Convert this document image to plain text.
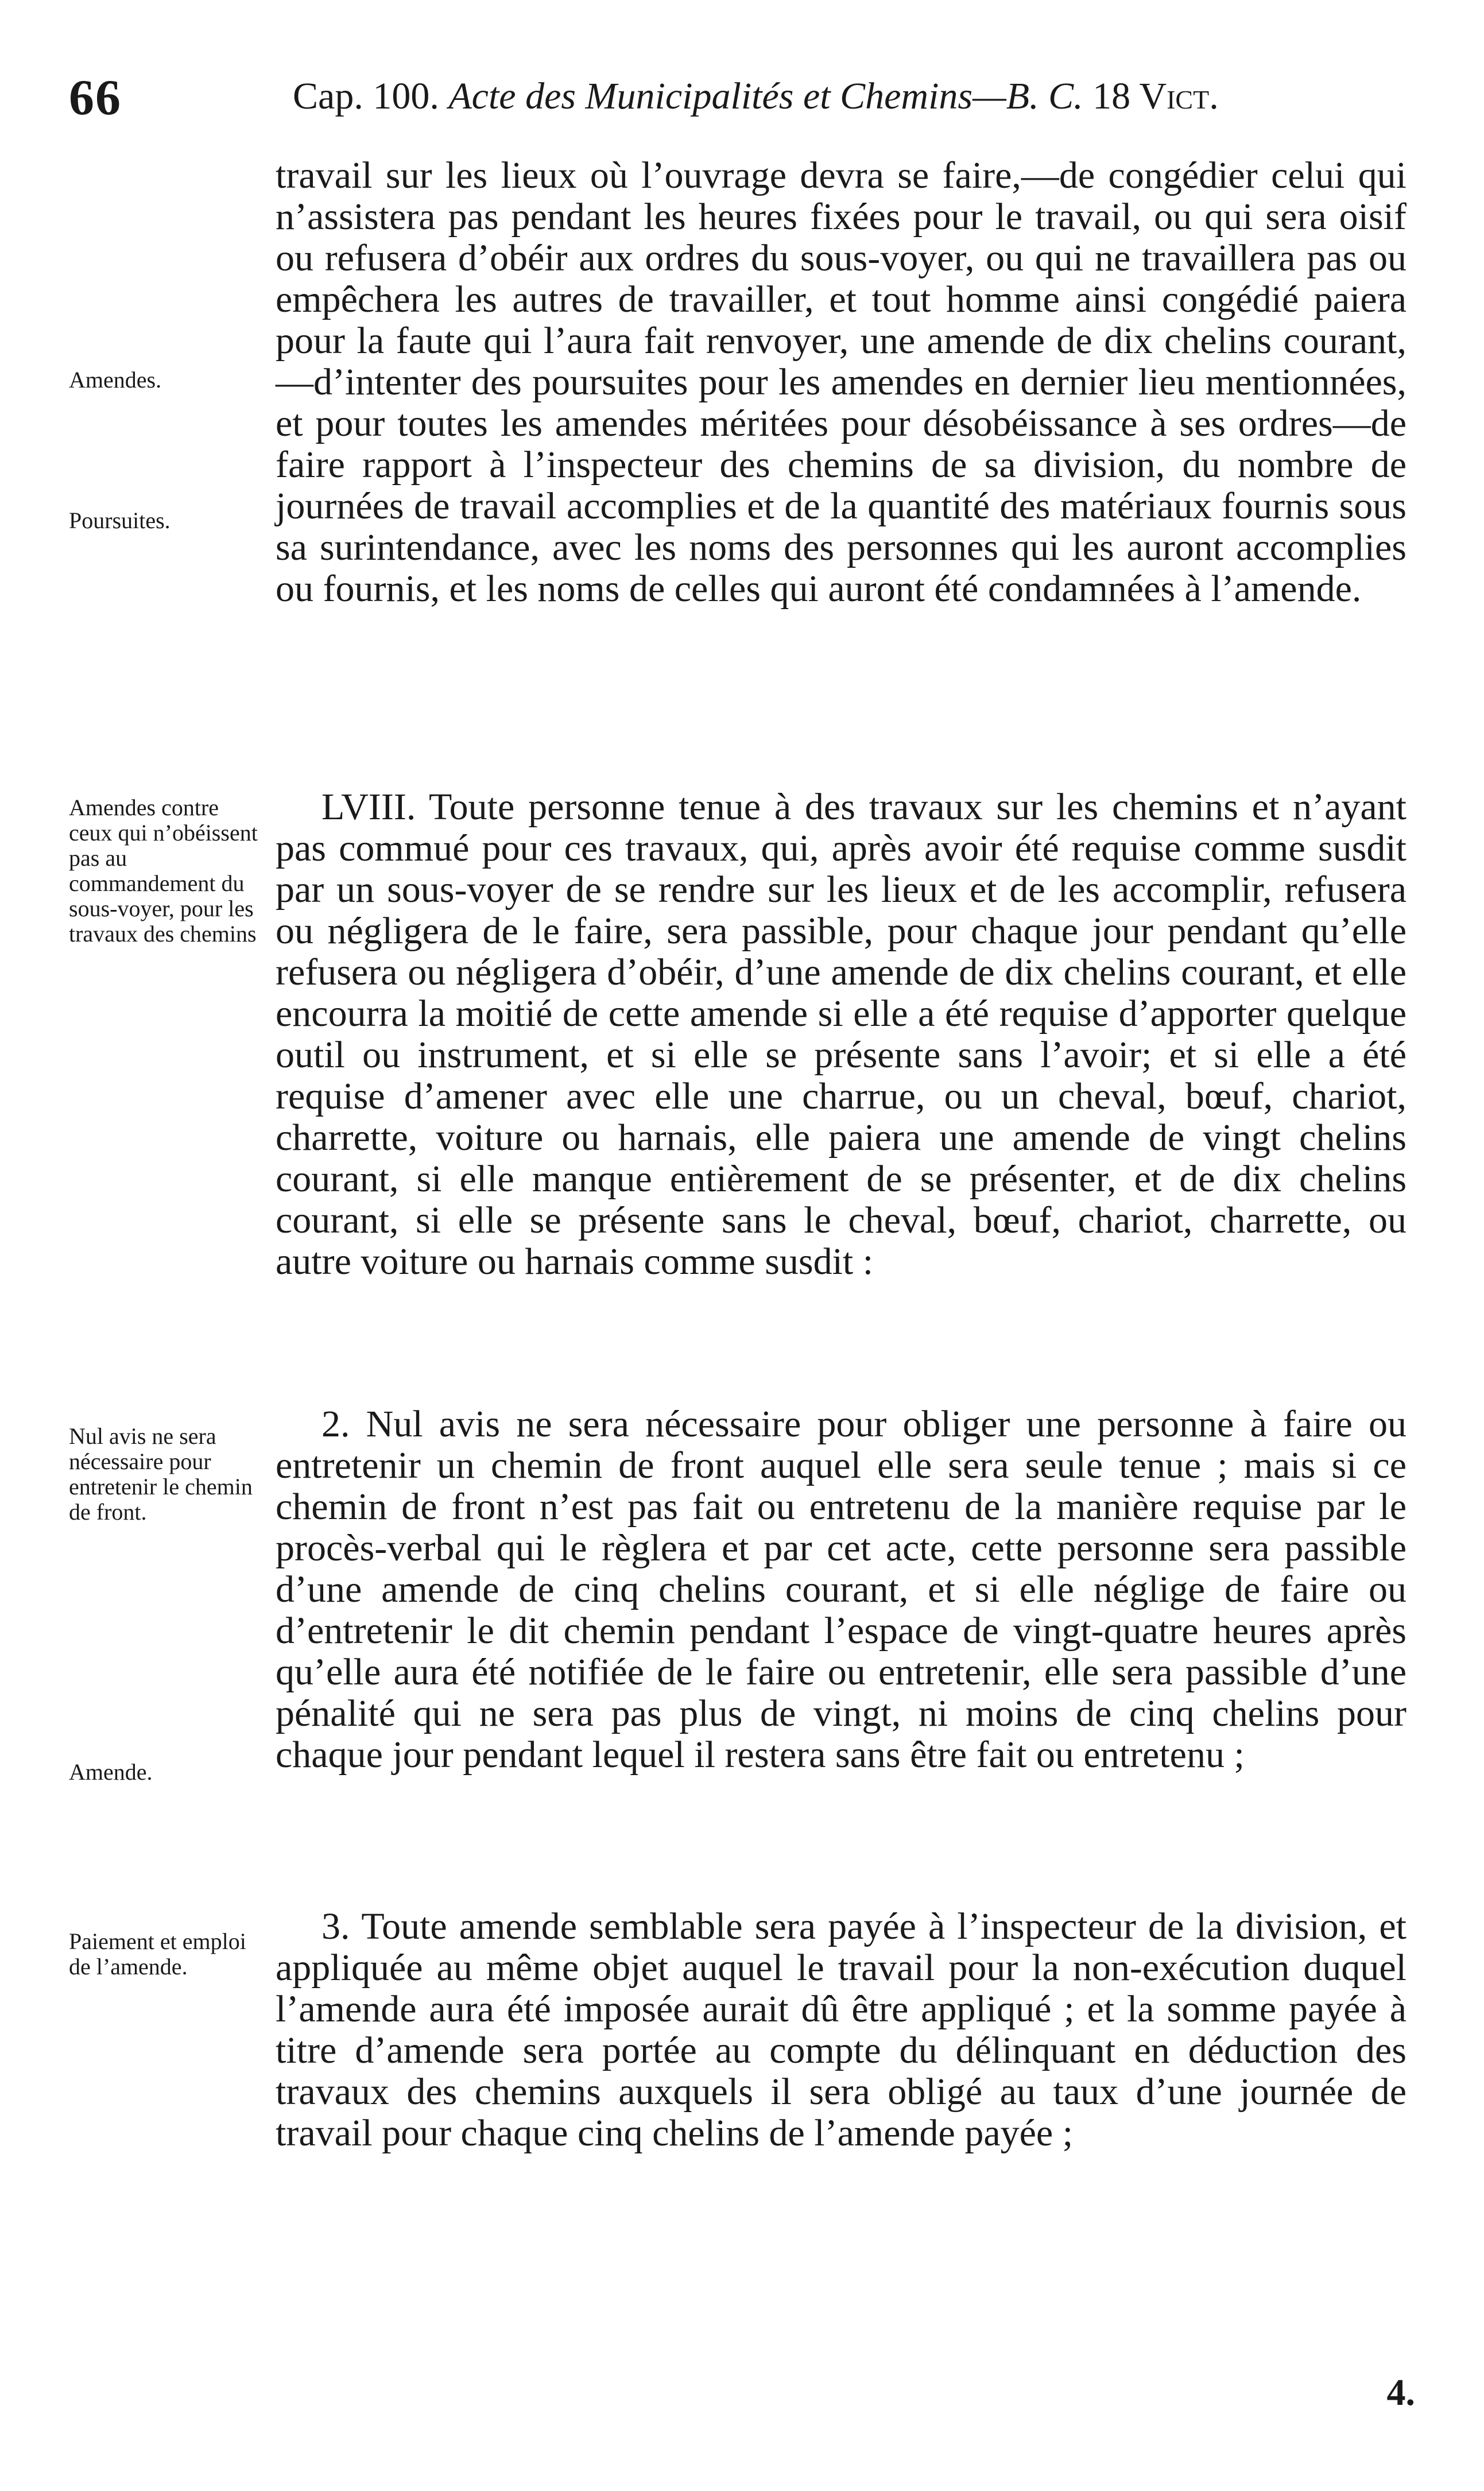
66	Cap. 100. Acte des Municipalités et Chemins—B. C. 18 Vict.
Amendes.
Poursuites.
Amendes contre ceux qui n’obéissent pas au commandement du sous-voyer, pour les travaux des chemins
Nul avis ne sera nécessaire pour entretenir le chemin de front.
Amende.
Paiement et emploi de l’amende.

travail sur les lieux où l’ouvrage devra se faire,—de congédier celui qui n’assistera pas pendant les heures fixées pour le travail, ou qui sera oisif ou refusera d’obéir aux ordres du sous-voyer, ou qui ne travaillera pas ou empêchera les autres de travailler, et tout homme ainsi congédié paiera pour la faute qui l’aura fait renvoyer, une amende de dix chelins courant,—d’intenter des poursuites pour les amendes en dernier lieu mentionnées, et pour toutes les amendes méritées pour désobéissance à ses ordres—de faire rapport à l’inspecteur des chemins de sa division, du nombre de journées de travail accomplies et de la quantité des matériaux fournis sous sa surintendance, avec les noms des personnes qui les auront accomplies ou fournis, et les noms de celles qui auront été condamnées à l’amende.

LVIII. Toute personne tenue à des travaux sur les chemins et n’ayant pas commué pour ces travaux, qui, après avoir été requise comme susdit par un sous-voyer de se rendre sur les lieux et de les accomplir, refusera ou négligera de le faire, sera passible, pour chaque jour pendant qu’elle refusera ou négligera d’obéir, d’une amende de dix chelins courant, et elle encourra la moitié de cette amende si elle a été requise d’apporter quelque outil ou instrument, et si elle se présente sans l’avoir; et si elle a été requise d’amener avec elle une charrue, ou un cheval, bœuf, chariot, charrette, voiture ou harnais, elle paiera une amende de vingt chelins courant, si elle manque entièrement de se présenter, et de dix chelins courant, si elle se présente sans le cheval, bœuf, chariot, charrette, ou autre voiture ou harnais comme susdit :

2. Nul avis ne sera nécessaire pour obliger une personne à faire ou entretenir un chemin de front auquel elle sera seule tenue ; mais si ce chemin de front n’est pas fait ou entretenu de la manière requise par le procès-verbal qui le règlera et par cet acte, cette personne sera passible d’une amende de cinq chelins courant, et si elle néglige de faire ou d’entretenir le dit chemin pendant l’espace de vingt-quatre heures après qu’elle aura été notifiée de le faire ou entretenir, elle sera passible d’une pénalité qui ne sera pas plus de vingt, ni moins de cinq chelins pour chaque jour pendant lequel il restera sans être fait ou entretenu ;

3. Toute amende semblable sera payée à l’inspecteur de la division, et appliquée au même objet auquel le travail pour la non-exécution duquel l’amende aura été imposée aurait dû être appliqué ; et la somme payée à titre d’amende sera portée au compte du délinquant en déduction des travaux des chemins auxquels il sera obligé au taux d’une journée de travail pour chaque cinq chelins de l’amende payée ;

4.
